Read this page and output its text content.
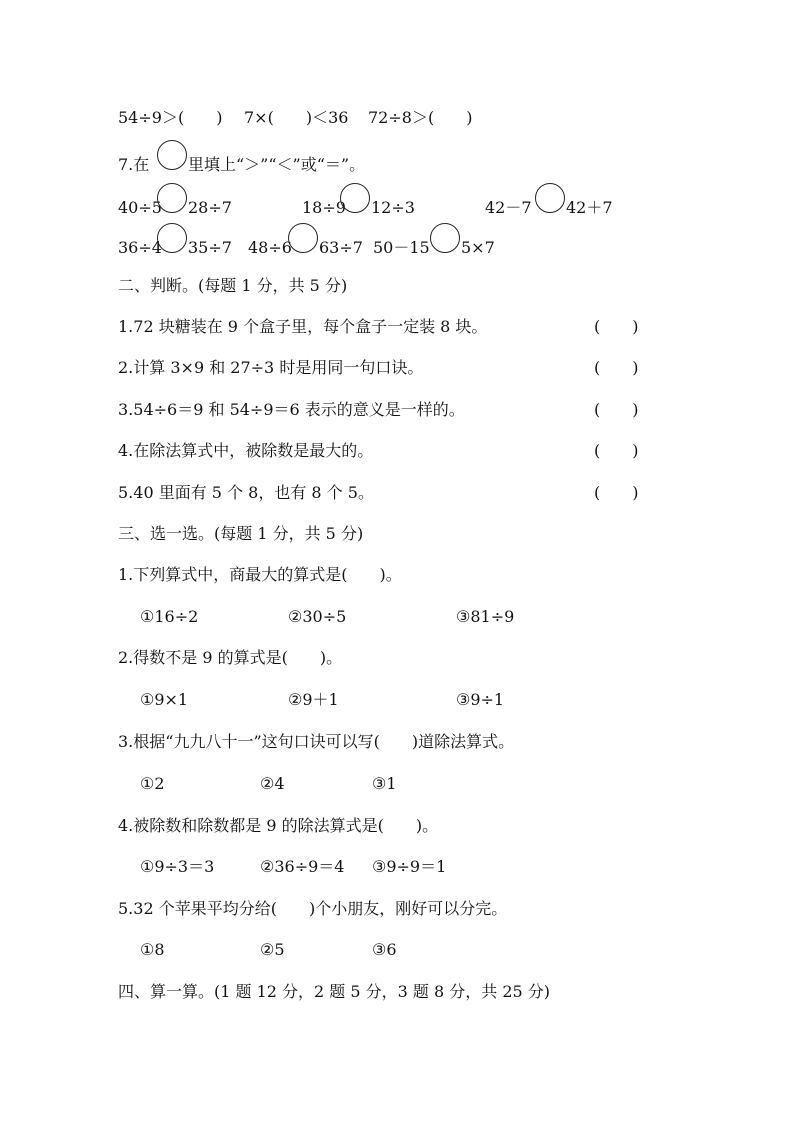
54÷9＞(　　) 7×(　　)＜36 72÷8＞(　　)
7.在 里填上“＞”“＜”或“＝”。
40÷5 28÷7	18÷9 12÷3	42－7 42＋7
36÷4 35÷7 48÷6 63÷7 50－15 5×7
二、判断。(每题 1 分，共 5 分)
1.72 块糖装在 9 个盒子里，每个盒子一定装 8 块。	(　　)
2.计算 3×9 和 27÷3 时是用同一句口诀。	(　　)
3.54÷6＝9 和 54÷9＝6 表示的意义是一样的。	(　　)
4.在除法算式中，被除数是最大的。	(　　)
5.40 里面有 5 个 8，也有 8 个 5。	(　　)
三、选一选。(每题 1 分，共 5 分)
1.下列算式中，商最大的算式是(　　)。
①16÷2	②30÷5	③81÷9
2.得数不是 9 的算式是(　　)。
①9×1	②9＋1	③9÷1
3.根据“九九八十一”这句口诀可以写(　　)道除法算式。
①2	②4	③1
4.被除数和除数都是 9 的除法算式是(　　)。
①9÷3＝3	②36÷9＝4 ③9÷9＝1
5.32 个苹果平均分给(　　)个小朋友，刚好可以分完。
①8	②5	③6
四、算一算。(1 题 12 分，2 题 5 分，3 题 8 分，共 25 分)
